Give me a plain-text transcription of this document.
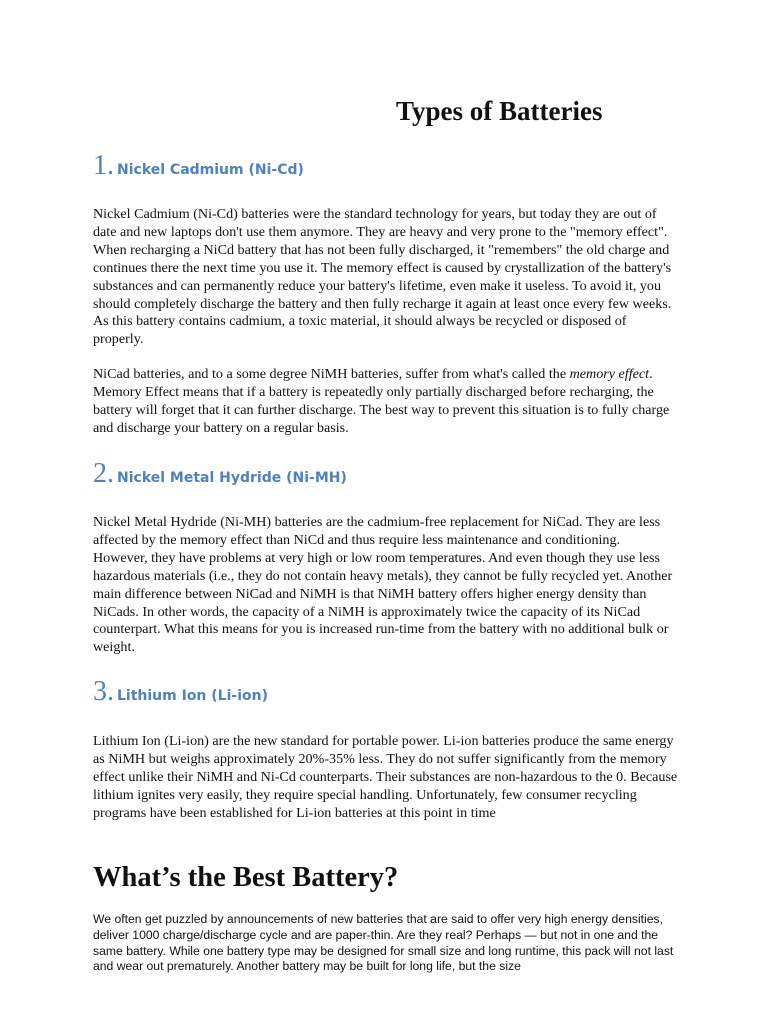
Types of Batteries
1. Nickel Cadmium (Ni-Cd)

Nickel Cadmium (Ni-Cd) batteries were the standard technology for years, but today they are out of date and new laptops don't use them anymore. They are heavy and very prone to the "memory effect". When recharging a NiCd battery that has not been fully discharged, it "remembers" the old charge and continues there the next time you use it. The memory effect is caused by crystallization of the battery's substances and can permanently reduce your battery's lifetime, even make it useless. To avoid it, you should completely discharge the battery and then fully recharge it again at least once every few weeks. As this battery contains cadmium, a toxic material, it should always be recycled or disposed of properly.

NiCad batteries, and to a some degree NiMH batteries, suffer from what's called the memory effect. Memory Effect means that if a battery is repeatedly only partially discharged before recharging, the battery will forget that it can further discharge. The best way to prevent this situation is to fully charge and discharge your battery on a regular basis.

2. Nickel Metal Hydride (Ni-MH)

Nickel Metal Hydride (Ni-MH) batteries are the cadmium-free replacement for NiCad. They are less affected by the memory effect than NiCd and thus require less maintenance and conditioning. However, they have problems at very high or low room temperatures. And even though they use less hazardous materials (i.e., they do not contain heavy metals), they cannot be fully recycled yet. Another main difference between NiCad and NiMH is that NiMH battery offers higher energy density than NiCads. In other words, the capacity of a NiMH is approximately twice the capacity of its NiCad counterpart. What this means for you is increased run-time from the battery with no additional bulk or weight.

3. Lithium Ion (Li-ion)

Lithium Ion (Li-ion) are the new standard for portable power. Li-ion batteries produce the same energy as NiMH but weighs approximately 20%-35% less. They do not suffer significantly from the memory effect unlike their NiMH and Ni-Cd counterparts. Their substances are non-hazardous to the 0. Because lithium ignites very easily, they require special handling. Unfortunately, few consumer recycling programs have been established for Li-ion batteries at this point in time

What’s the Best Battery?

We often get puzzled by announcements of new batteries that are said to offer very high energy densities, deliver 1000 charge/discharge cycle and are paper-thin. Are they real? Perhaps — but not in one and the same battery. While one battery type may be designed for small size and long runtime, this pack will not last and wear out prematurely. Another battery may be built for long life, but the size
